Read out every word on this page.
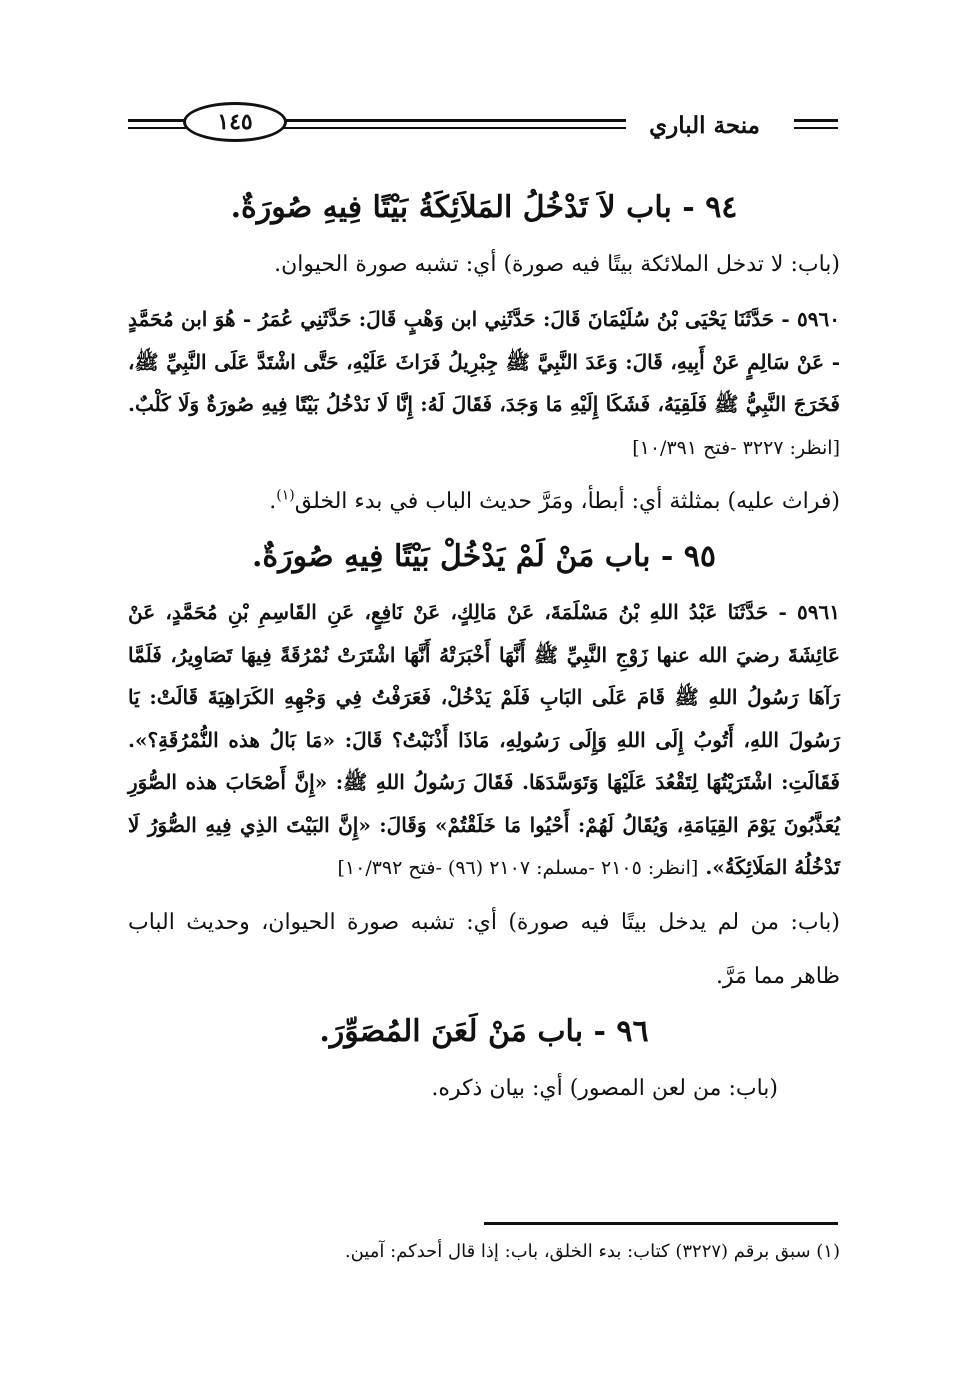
منحة الباري
١٤٥
٩٤ - باب لاَ تَدْخُلُ المَلاَئِكَةُ بَيْتًا فِيهِ صُورَةٌ.

(باب: لا تدخل الملائكة بيتًا فيه صورة) أي: تشبه صورة الحيوان.

٥٩٦٠ - حَدَّثَنَا يَحْيَى بْنُ سُلَيْمَانَ قَالَ: حَدَّثَنِي ابن وَهْبٍ قَالَ: حَدَّثَنِي عُمَرُ - هُوَ ابن مُحَمَّدٍ - عَنْ سَالِمٍ عَنْ أَبِيهِ، قَالَ: وَعَدَ النَّبِيَّ ﷺ جِبْرِيلُ فَرَاثَ عَلَيْهِ، حَتَّى اشْتَدَّ عَلَى النَّبِيِّ ﷺ، فَخَرَجَ النَّبِيُّ ﷺ فَلَقِيَهُ، فَشَكَا إِلَيْهِ مَا وَجَدَ، فَقَالَ لَهُ: إِنَّا لَا نَدْخُلُ بَيْتًا فِيهِ صُورَةٌ وَلَا كَلْبٌ. [انظر: ٣٢٢٧ -فتح ١٠/٣٩١]

(فراث عليه) بمثلثة أي: أبطأ، ومَرَّ حديث الباب في بدء الخلق$^{(١)}$.

٩٥ - باب مَنْ لَمْ يَدْخُلْ بَيْتًا فِيهِ صُورَةٌ.

٥٩٦١ - حَدَّثَنَا عَبْدُ اللهِ بْنُ مَسْلَمَةَ، عَنْ مَالِكٍ، عَنْ نَافِعٍ، عَنِ القَاسِمِ بْنِ مُحَمَّدٍ، عَنْ عَائِشَةَ رضيَ الله عنها زَوْجِ النَّبِيِّ ﷺ أَنَّهَا أَخْبَرَتْهُ أَنَّهَا اشْتَرَتْ نُمْرُقَةً فِيهَا تَصَاوِيرُ، فَلَمَّا رَآهَا رَسُولُ اللهِ ﷺ قَامَ عَلَى البَابِ فَلَمْ يَدْخُلْ، فَعَرَفْتُ فِي وَجْهِهِ الكَرَاهِيَةَ قَالَتْ: يَا رَسُولَ اللهِ، أَتُوبُ إِلَى اللهِ وَإِلَى رَسُولِهِ، مَاذَا أَذْنَبْتُ؟ قَالَ: «مَا بَالُ هذه النُّمْرُقَةِ؟». فَقَالَتِ: اشْتَرَيْتُهَا لِتَقْعُدَ عَلَيْهَا وَتَوَسَّدَهَا. فَقَالَ رَسُولُ اللهِ ﷺ: «إِنَّ أَصْحَابَ هذه الصُّوَرِ يُعَذَّبُونَ يَوْمَ القِيَامَةِ، وَيُقَالُ لَهُمْ: أَحْيُوا مَا خَلَقْتُمْ» وَقَالَ: «إِنَّ البَيْتَ الذِي فِيهِ الصُّوَرُ لَا تَدْخُلُهُ المَلَائِكَةُ». [انظر: ٢١٠٥ -مسلم: ٢١٠٧ (٩٦) -فتح ١٠/٣٩٢]

(باب: من لم يدخل بيتًا فيه صورة) أي: تشبه صورة الحيوان، وحديث الباب ظاهر مما مَرَّ.

٩٦ - باب مَنْ لَعَنَ المُصَوِّرَ.

(باب: من لعن المصور) أي: بيان ذكره.

(١) سبق برقم (٣٢٢٧) كتاب: بدء الخلق، باب: إذا قال أحدكم: آمين.
